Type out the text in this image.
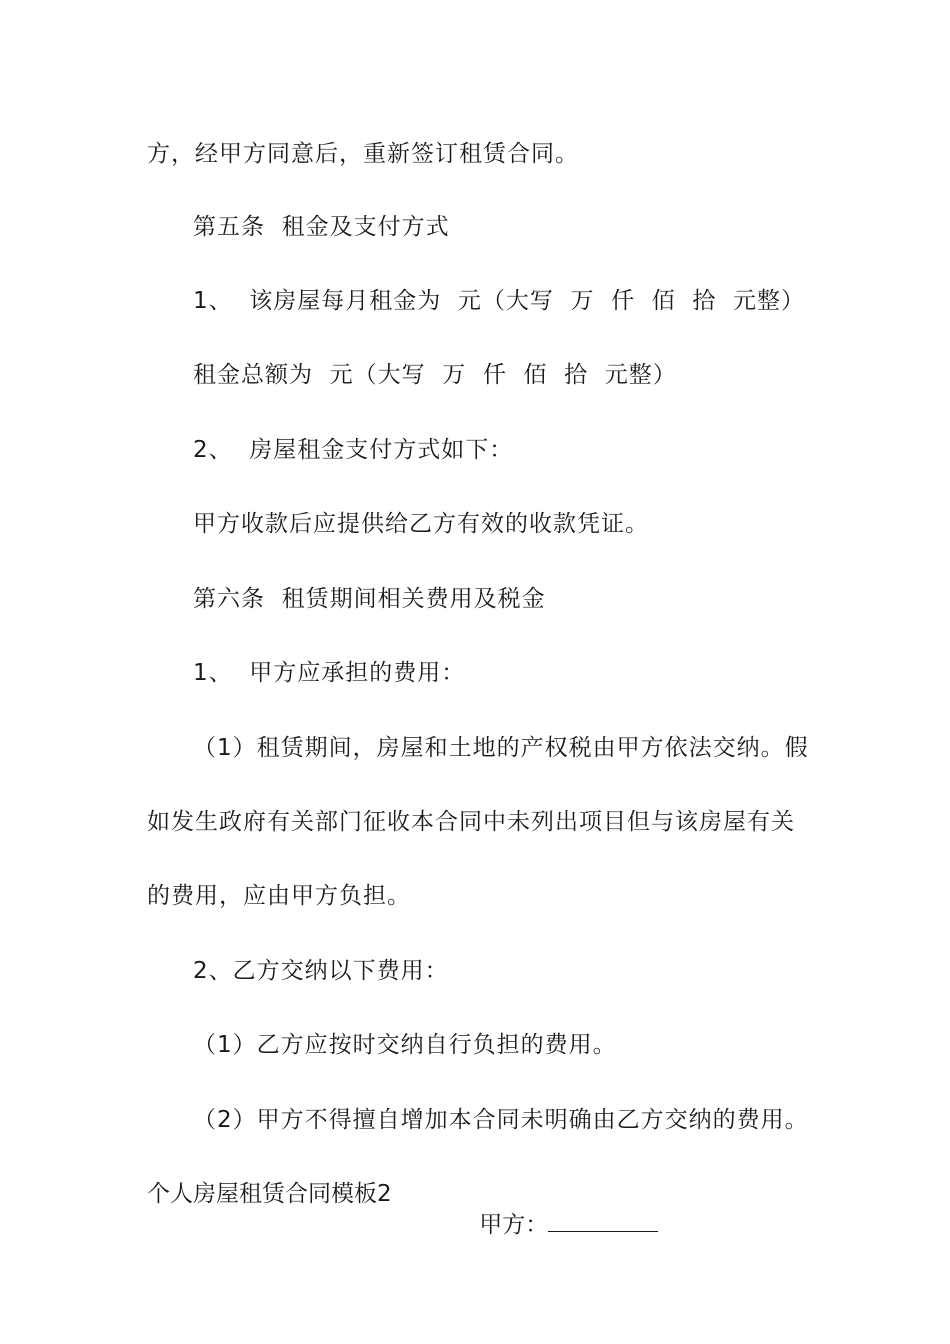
方，经甲方同意后，重新签订租赁合同。
第五条  租金及支付方式
1、  该房屋每月租金为  元（大写  万  仟  佰  拾  元整）
租金总额为  元（大写  万  仟  佰  拾  元整）
2、  房屋租金支付方式如下：
甲方收款后应提供给乙方有效的收款凭证。
第六条  租赁期间相关费用及税金
1、  甲方应承担的费用：
（1）租赁期间，房屋和土地的产权税由甲方依法交纳。假
如发生政府有关部门征收本合同中未列出项目但与该房屋有关
的费用，应由甲方负担。
2、乙方交纳以下费用：
（1）乙方应按时交纳自行负担的费用。
（2）甲方不得擅自增加本合同未明确由乙方交纳的费用。
个人房屋租赁合同模板2

甲方：
